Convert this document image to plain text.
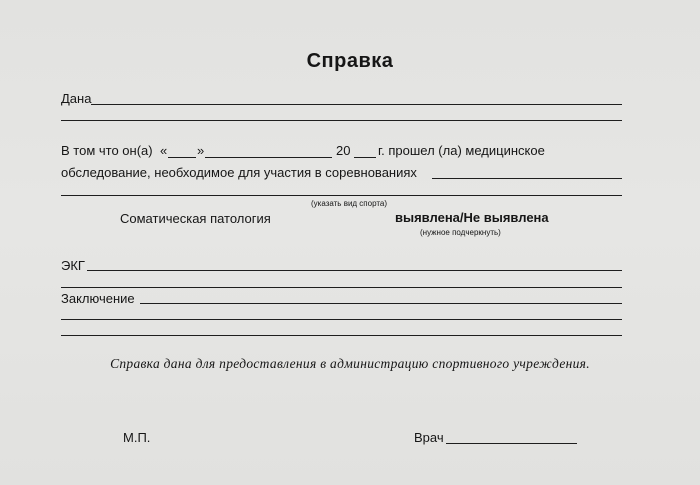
Справка
Дана
В том что он(а) « »	20 г. прошел (ла) медицинское
обследование, необходимое для участия в соревнованиях
(указать вид спорта)
Соматическая патология	выявлена/Не выявлена
(нужное подчеркнуть)
ЭКГ
Заключение
Справка дана для предоставления в администрацию спортивного учреждения.
М.П.	Врач
